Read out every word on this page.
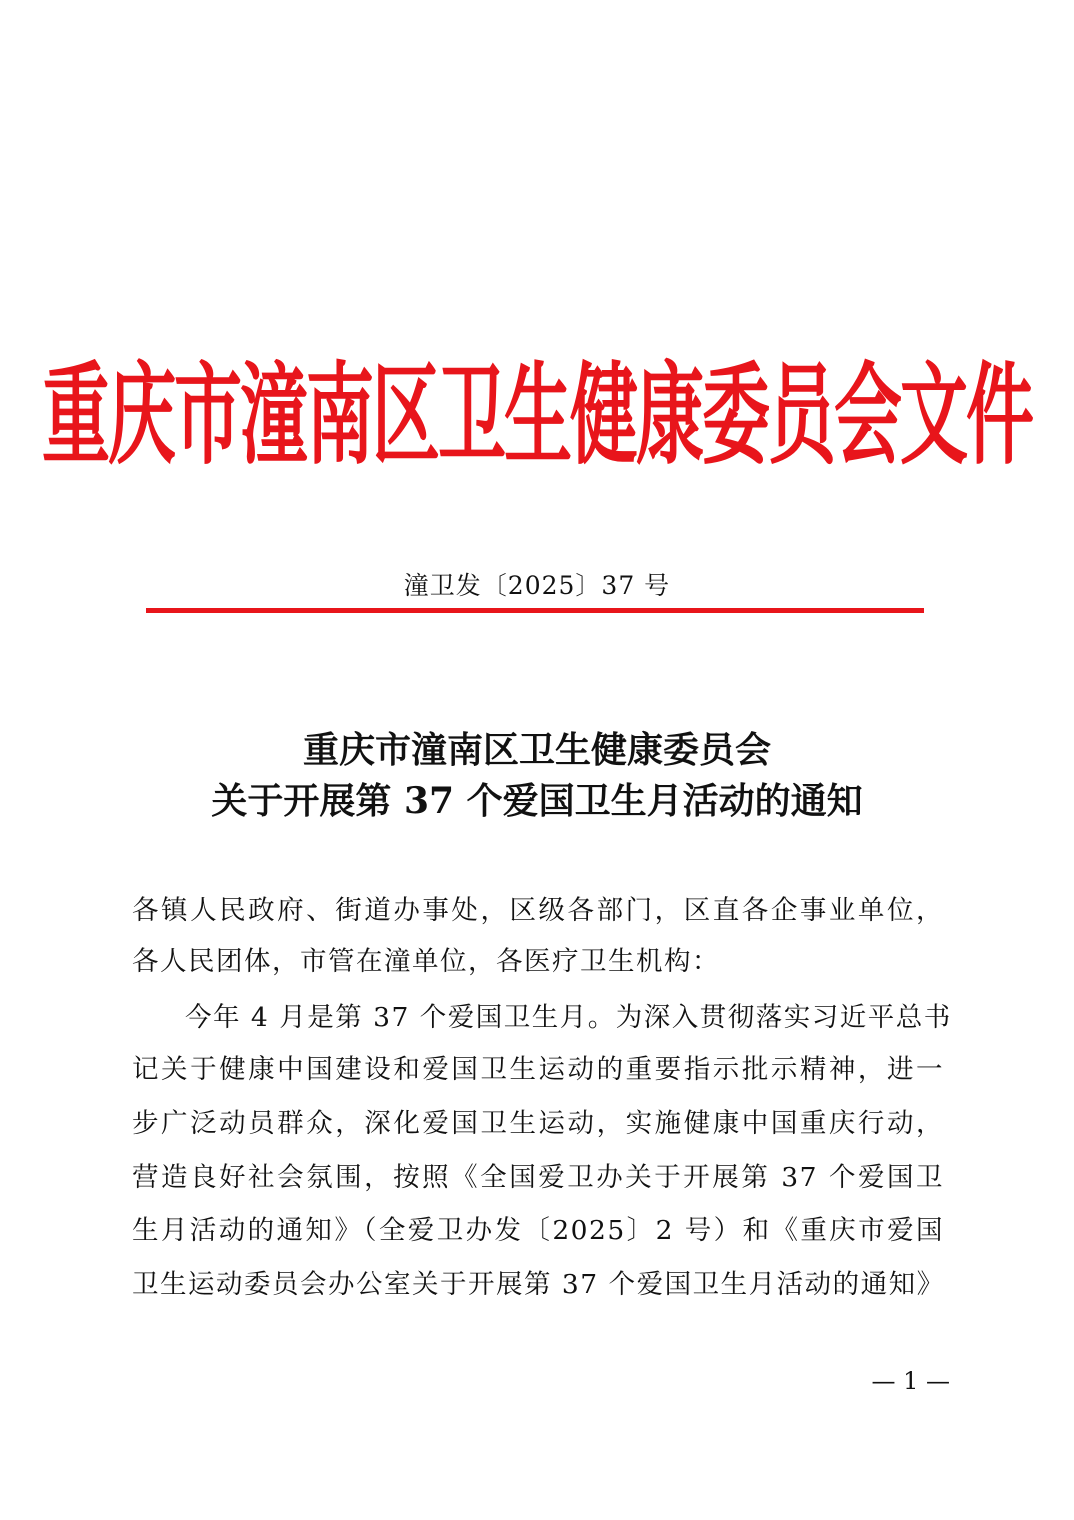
重庆市潼南区卫生健康委员会文件
潼卫发〔2025〕37 号
重庆市潼南区卫生健康委员会
关于开展第 37 个爱国卫生月活动的通知
各镇人民政府、街道办事处，区级各部门，区直各企事业单位，
各人民团体，市管在潼单位，各医疗卫生机构：
今年 4 月是第 37 个爱国卫生月。为深入贯彻落实习近平总书
记关于健康中国建设和爱国卫生运动的重要指示批示精神，进一
步广泛动员群众，深化爱国卫生运动，实施健康中国重庆行动，
营造良好社会氛围，按照《全国爱卫办关于开展第 37 个爱国卫
生月活动的通知》（全爱卫办发〔2025〕2 号）和《重庆市爱国
卫生运动委员会办公室关于开展第 37 个爱国卫生月活动的通知》
— 1 —
